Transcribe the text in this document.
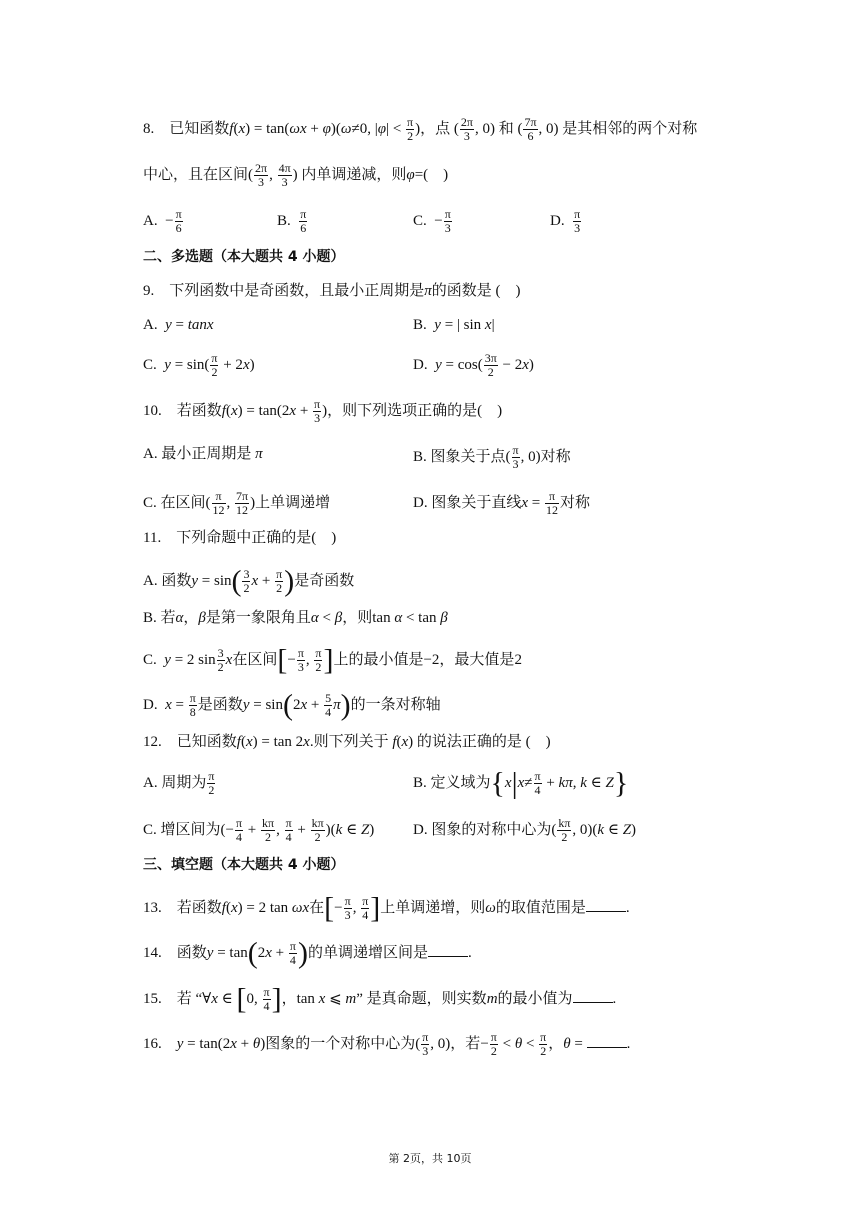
8. 已知函数f(x) = tan(ωx + φ)(ω≠0, $|\varphi| < \frac{\pi}{2}$ )，点 ( $\frac{2\pi}{3}$ , 0) 和 ( $\frac{7\pi}{6}$ , 0) 是其相邻的两个对称
中心，且在区间( $\frac{2\pi}{3}$ , $\frac{4\pi}{3}$ ) 内单调递减，则φ=(　)
A.  − $\frac{\pi}{6}$	B. $\frac{\pi}{6}$	C.  − $\frac{\pi}{3}$	D. $\frac{\pi}{3}$
二、多选题（本大题共 4 小题）
9. 下列函数中是奇函数，且最小正周期是π的函数是 (　)
A. y = tanx	B. y = | sin x|
C. $y = \sin( \frac{\pi}{2} + 2x)$	D. $y = \cos( \frac{3\pi}{2} - 2x)$
10. 若函数$f(x) = \tan(2x + \frac{\pi}{3}$ )，则下列选项正确的是(　)
A. 最小正周期是 π	B. 图象关于点( $\frac{\pi}{3}$ , 0)对称
C. 在区间( $\frac{\pi}{12}$ , $\frac{7\pi}{12}$ )上单调递增	D. 图象关于直线$x = \frac{\pi}{12}$ 对称
11. 下列命题中正确的是(　)
A. 函数$y = \sin( \frac{3}{2}$ $x + \frac{\pi}{2}$ )是奇函数
B. 若α，β是第一象限角且α < β，则tan α < tan β
C. y = 2 $\sin \frac{3}{2}$ x在区间[− $\frac{\pi}{3}$ , $\frac{\pi}{2}$ ]上的最小值是−2，最大值是2
D. $x = \frac{\pi}{8}$ 是函数$y = \sin(2x + \frac{5}{4} \pi)$的一条对称轴
12. 已知函数f(x) = tan 2x.则下列关于 f(x) 的说法正确的是 (　)
A. 周期为 $\frac{\pi}{2}$	B. 定义域为{$x|x\ne \frac{\pi}{4} + k\pi$, k ∈ Z}
C. 增区间为(− $\frac{\pi}{4} + \frac{k\pi}{2}$ , $\frac{\pi}{4} + \frac{k\pi}{2} )(k$ ∈ Z)	D. 图象的对称中心为( $\frac{k\pi}{2}$ , 0)(k ∈ Z)
三、填空题（本大题共 4 小题）
13. 若函数f(x) = 2 tan ωx在[− $\frac{\pi}{3}$ , $\frac{\pi}{4}$ ]上单调递增，则ω的取值范围是	.
14. 函数$y = \tan(2x + \frac{\pi}{4}$ )的单调递增区间是	.
15. 若 “∀x ∈ [0, $\frac{\pi}{4}$ ]，tan x ⩽ m” 是真命题，则实数m的最小值为	.
16. y = tan(2x + θ)图象的一个对称中心为( $\frac{\pi}{3}$ , 0)，若− $\frac{\pi}{2} < \theta < \frac{\pi}{2}$ ，θ =	.
第 2页，共 10页
